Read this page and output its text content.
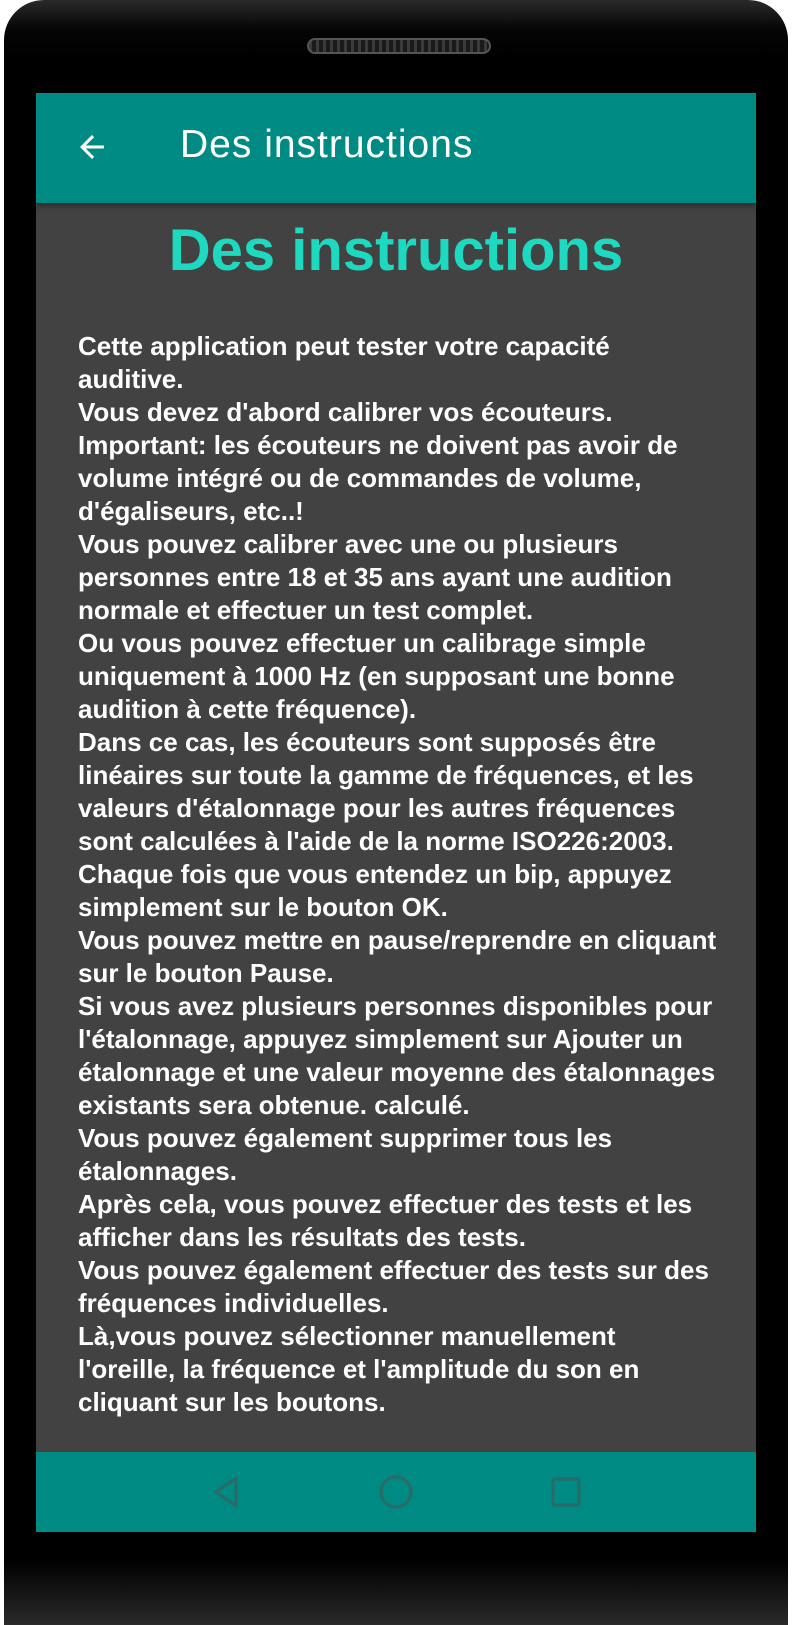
Des instructions
Des instructions
Cette application peut tester votre capacité auditive.
Vous devez d'abord calibrer vos écouteurs.
Important: les écouteurs ne doivent pas avoir de volume intégré ou de commandes de volume, d'égaliseurs, etc..!
Vous pouvez calibrer avec une ou plusieurs personnes entre 18 et 35 ans ayant une audition normale et effectuer un test complet.
Ou vous pouvez effectuer un calibrage simple uniquement à 1000 Hz (en supposant une bonne audition à cette fréquence).
Dans ce cas, les écouteurs sont supposés être linéaires sur toute la gamme de fréquences, et les valeurs d'étalonnage pour les autres fréquences sont calculées à l'aide de la norme ISO226:2003.
Chaque fois que vous entendez un bip, appuyez simplement sur le bouton OK.
Vous pouvez mettre en pause/reprendre en cliquant sur le bouton Pause.
Si vous avez plusieurs personnes disponibles pour l'étalonnage, appuyez simplement sur Ajouter un étalonnage et une valeur moyenne des étalonnages existants sera obtenue. calculé.
Vous pouvez également supprimer tous les étalonnages.
Après cela, vous pouvez effectuer des tests et les afficher dans les résultats des tests.
Vous pouvez également effectuer des tests sur des fréquences individuelles.
Là,vous pouvez sélectionner manuellement l'oreille, la fréquence et l'amplitude du son en cliquant sur les boutons.
